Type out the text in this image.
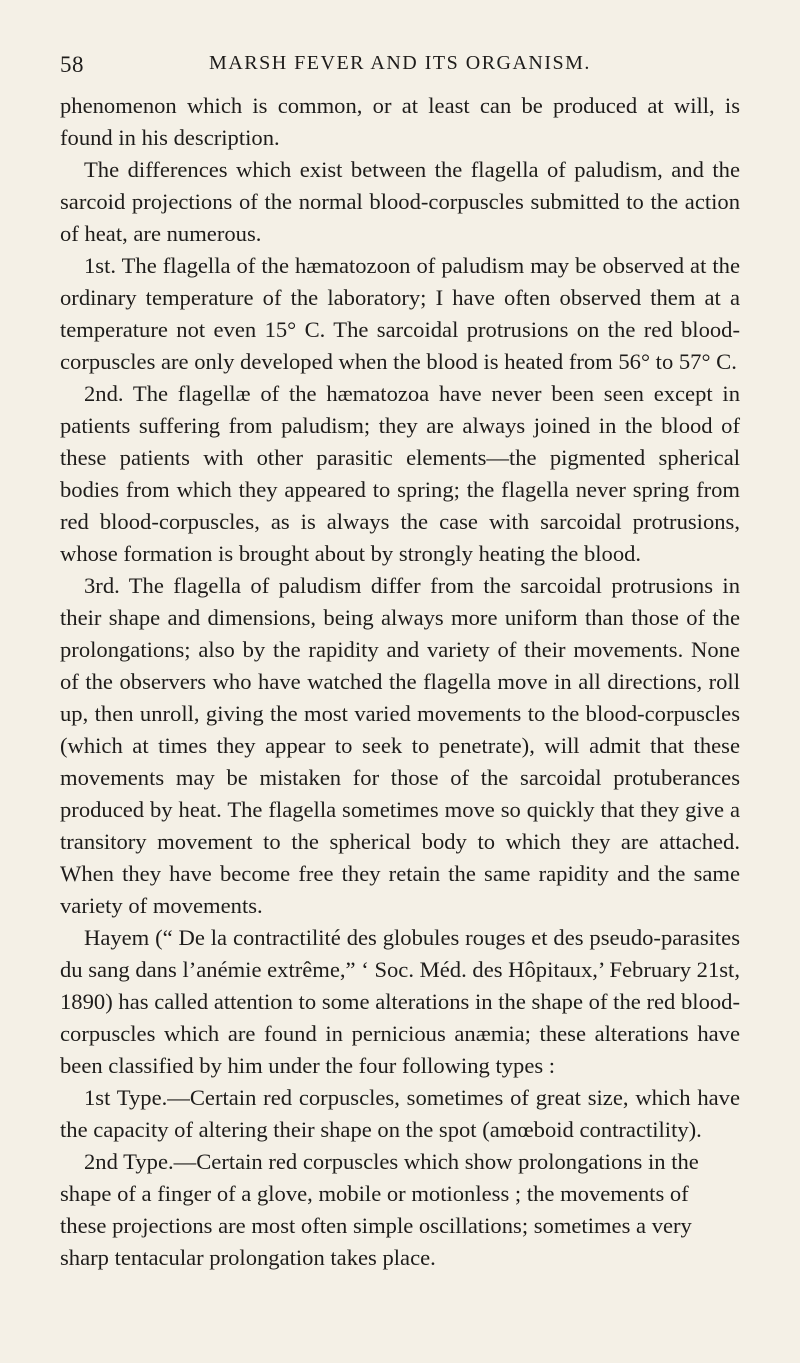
58	MARSH FEVER AND ITS ORGANISM.

phenomenon which is common, or at least can be produced at will, is found in his description.

The differences which exist between the flagella of paludism, and the sarcoid projections of the normal blood-corpuscles submitted to the action of heat, are numerous.

1st. The flagella of the hæmatozoon of paludism may be observed at the ordinary temperature of the laboratory; I have often observed them at a temperature not even 15° C. The sarcoidal protrusions on the red blood-corpuscles are only developed when the blood is heated from 56° to 57° C.

2nd. The flagellæ of the hæmatozoa have never been seen except in patients suffering from paludism; they are always joined in the blood of these patients with other parasitic elements—the pigmented spherical bodies from which they appeared to spring; the flagella never spring from red blood-corpuscles, as is always the case with sarcoidal protrusions, whose formation is brought about by strongly heating the blood.

3rd. The flagella of paludism differ from the sarcoidal protrusions in their shape and dimensions, being always more uniform than those of the prolongations; also by the rapidity and variety of their movements. None of the observers who have watched the flagella move in all directions, roll up, then unroll, giving the most varied movements to the blood-corpuscles (which at times they appear to seek to penetrate), will admit that these movements may be mistaken for those of the sarcoidal protuberances produced by heat. The flagella sometimes move so quickly that they give a transitory movement to the spherical body to which they are attached. When they have become free they retain the same rapidity and the same variety of movements.

Hayem (“ De la contractilité des globules rouges et des pseudo-parasites du sang dans l’anémie extrême,” ‘ Soc. Méd. des Hôpitaux,’ February 21st, 1890) has called attention to some alterations in the shape of the red blood-corpuscles which are found in pernicious anæmia; these alterations have been classified by him under the four following types :

1st Type.—Certain red corpuscles, sometimes of great size, which have the capacity of altering their shape on the spot (amœboid contractility).

2nd Type.—Certain red corpuscles which show prolongations in the shape of a finger of a glove, mobile or motionless ; the movements of these projections are most often simple oscillations; sometimes a very sharp tentacular prolongation takes place.
